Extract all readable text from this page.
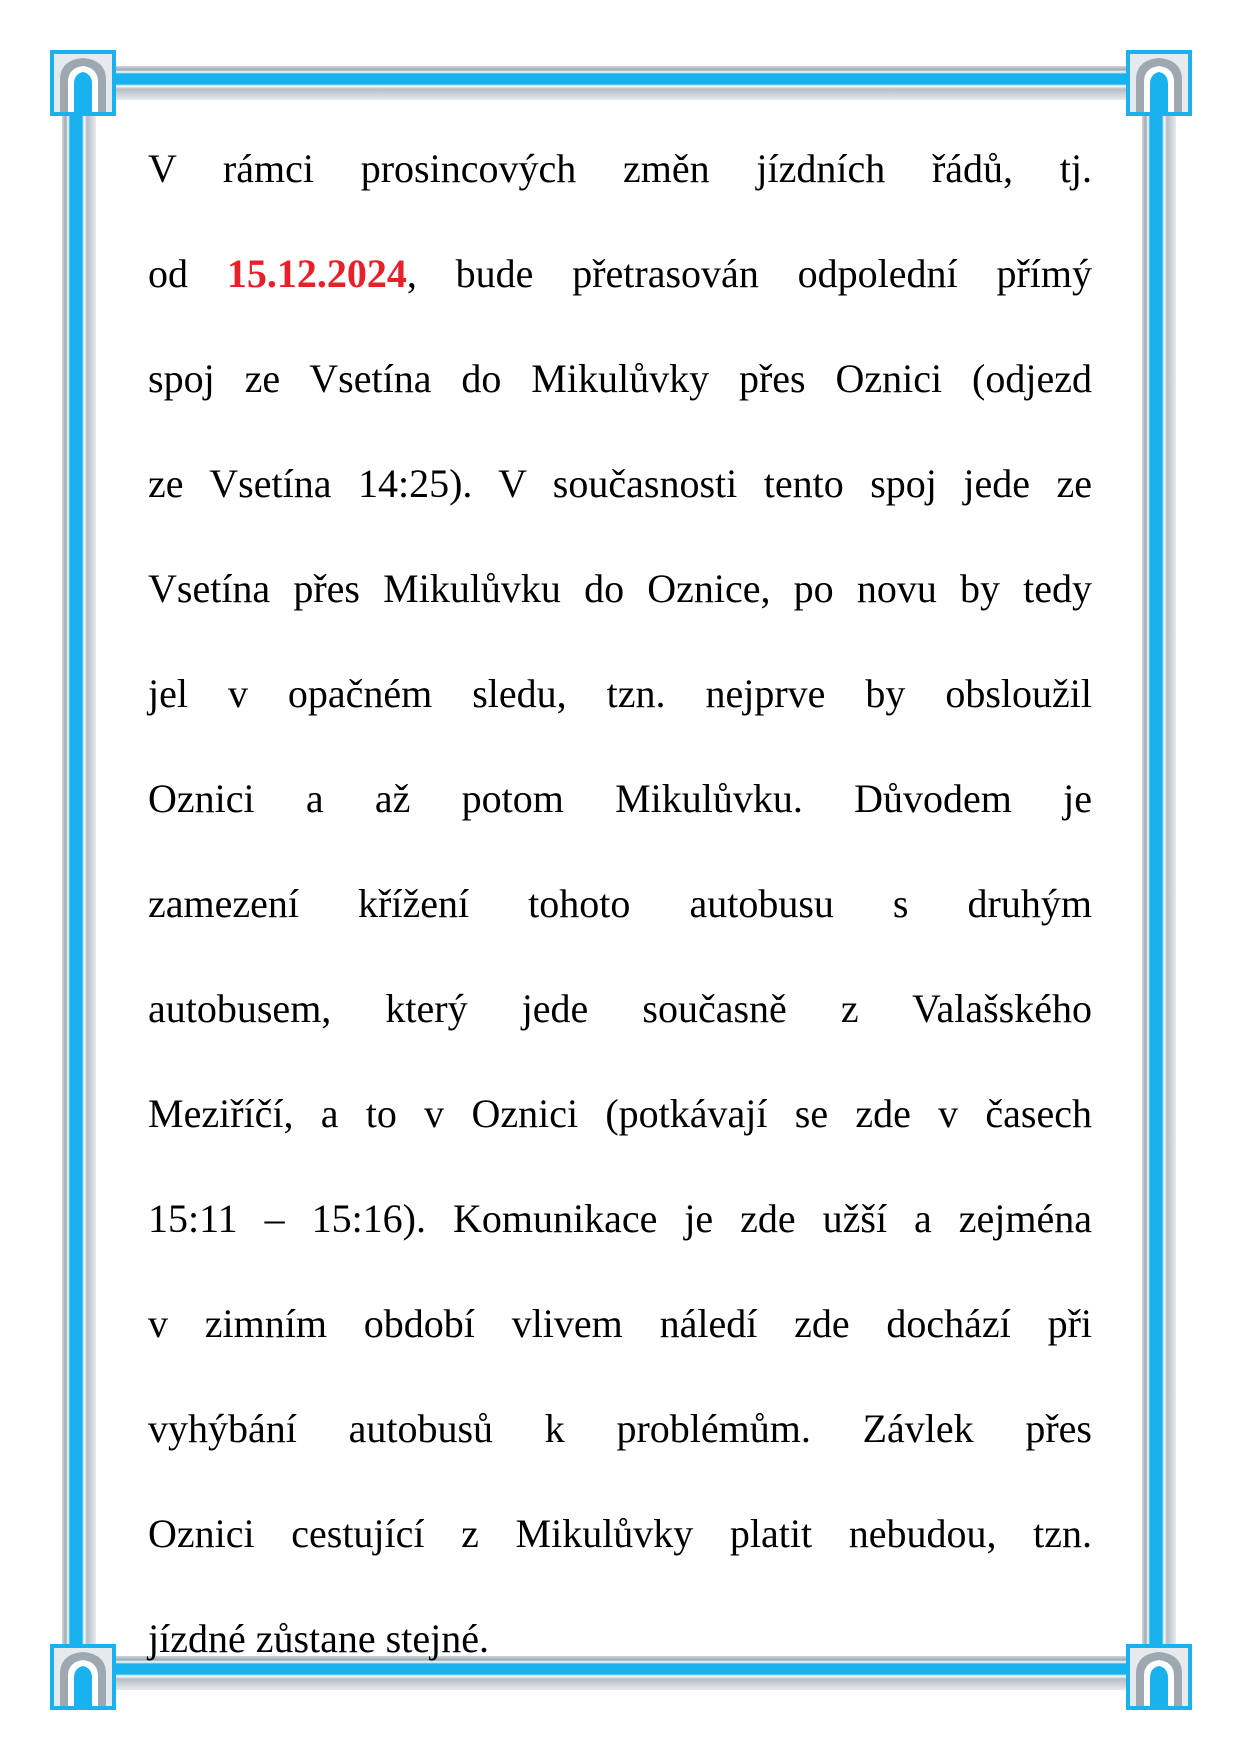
V rámci prosincových změn jízdních řádů, tj.
od 15.12.2024, bude přetrasován odpolední přímý
spoj ze Vsetína do Mikulůvky přes Oznici (odjezd
ze Vsetína 14:25). V současnosti tento spoj jede ze
Vsetína přes Mikulůvku do Oznice, po novu by tedy
jel v opačném sledu, tzn. nejprve by obsloužil
Oznici a až potom Mikulůvku. Důvodem je
zamezení křížení tohoto autobusu s druhým
autobusem, který jede současně z Valašského
Meziříčí, a to v Oznici (potkávají se zde v časech
15:11 – 15:16). Komunikace je zde užší a zejména
v zimním období vlivem náledí zde dochází při
vyhýbání autobusů k problémům. Závlek přes
Oznici cestující z Mikulůvky platit nebudou, tzn.
jízdné zůstane stejné.
